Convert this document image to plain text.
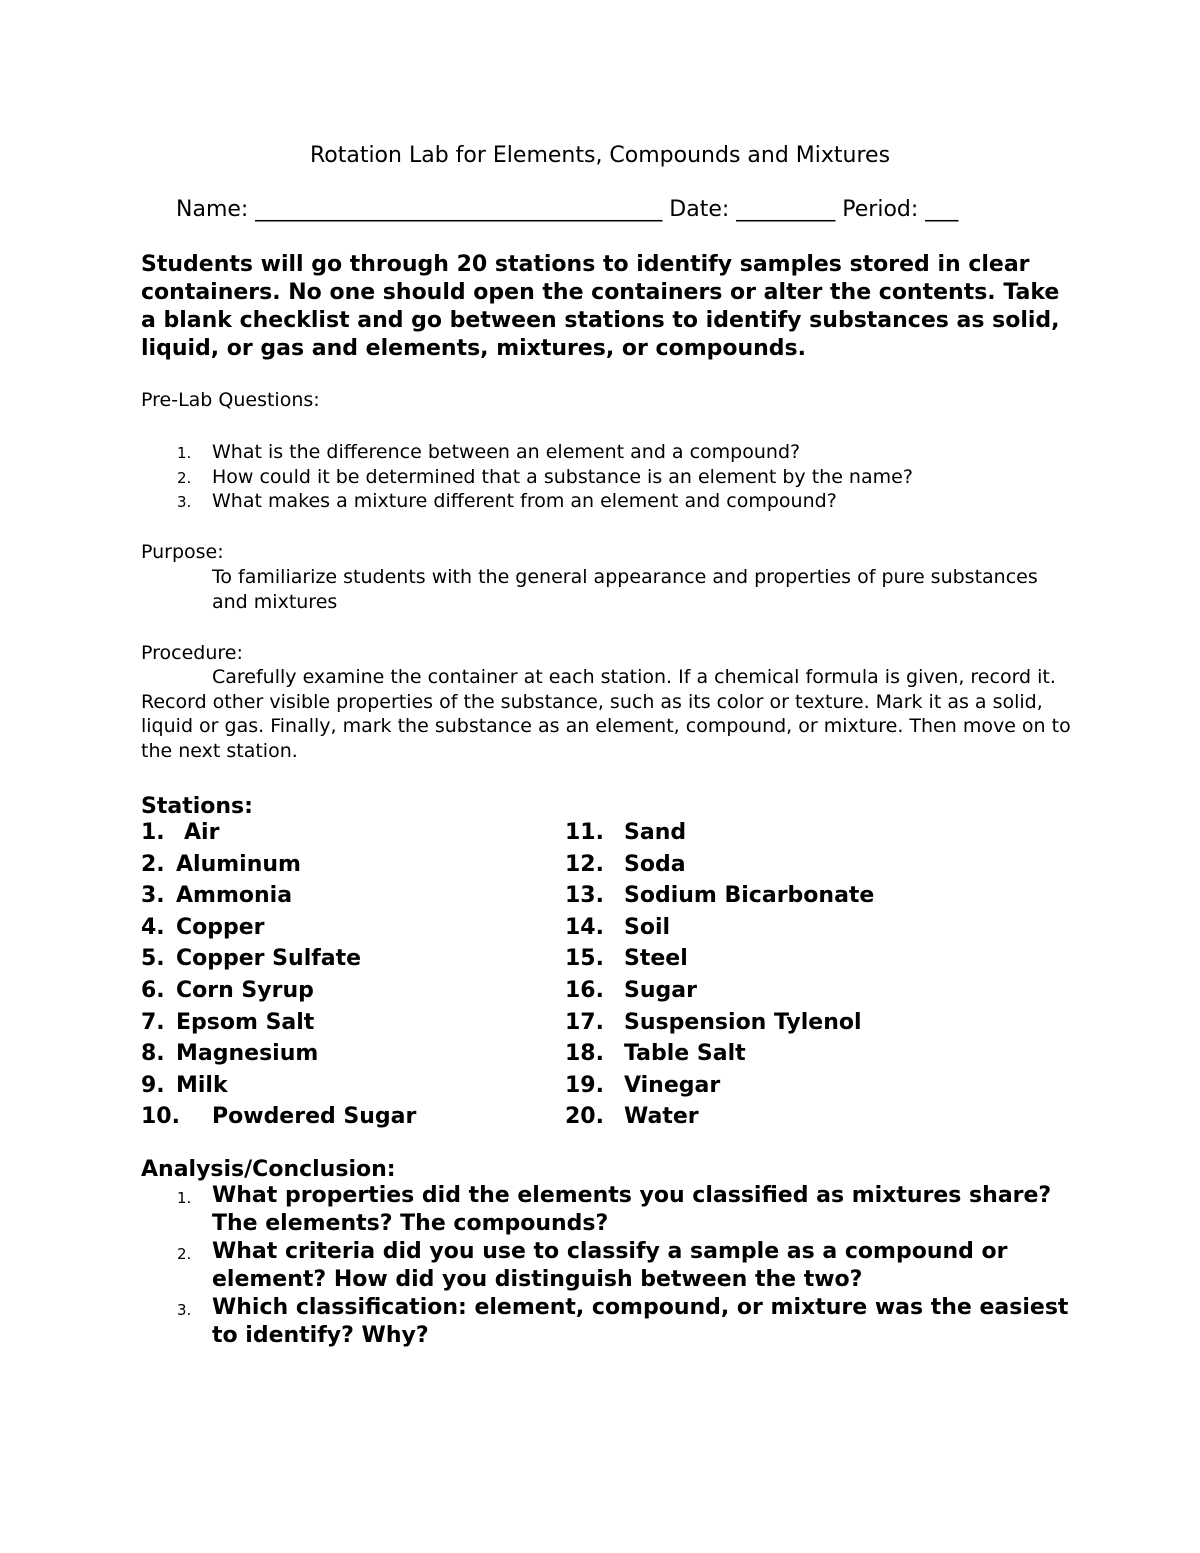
Rotation Lab for Elements, Compounds and Mixtures
Name: _____________________________________ Date: _________ Period: ___
Students will go through 20 stations to identify samples stored in clear containers. No one should open the containers or alter the contents. Take a blank checklist and go between stations to identify substances as solid, liquid, or gas and elements, mixtures, or compounds.
Pre-Lab Questions:
1. What is the difference between an element and a compound?
2. How could it be determined that a substance is an element by the name?
3. What makes a mixture different from an element and compound?
Purpose:
To familiarize students with the general appearance and properties of pure substances and mixtures
Procedure:
Carefully examine the container at each station. If a chemical formula is given, record it. Record other visible properties of the substance, such as its color or texture. Mark it as a solid, liquid or gas. Finally, mark the substance as an element, compound, or mixture. Then move on to the next station.
Stations:
1. Air
2. Aluminum
3. Ammonia
4. Copper
5. Copper Sulfate
6. Corn Syrup
7. Epsom Salt
8. Magnesium
9. Milk
10. Powdered Sugar
11. Sand
12. Soda
13. Sodium Bicarbonate
14. Soil
15. Steel
16. Sugar
17. Suspension Tylenol
18. Table Salt
19. Vinegar
20. Water
Analysis/Conclusion:
1. What properties did the elements you classified as mixtures share? The elements? The compounds?
2. What criteria did you use to classify a sample as a compound or element? How did you distinguish between the two?
3. Which classification: element, compound, or mixture was the easiest to identify? Why?
